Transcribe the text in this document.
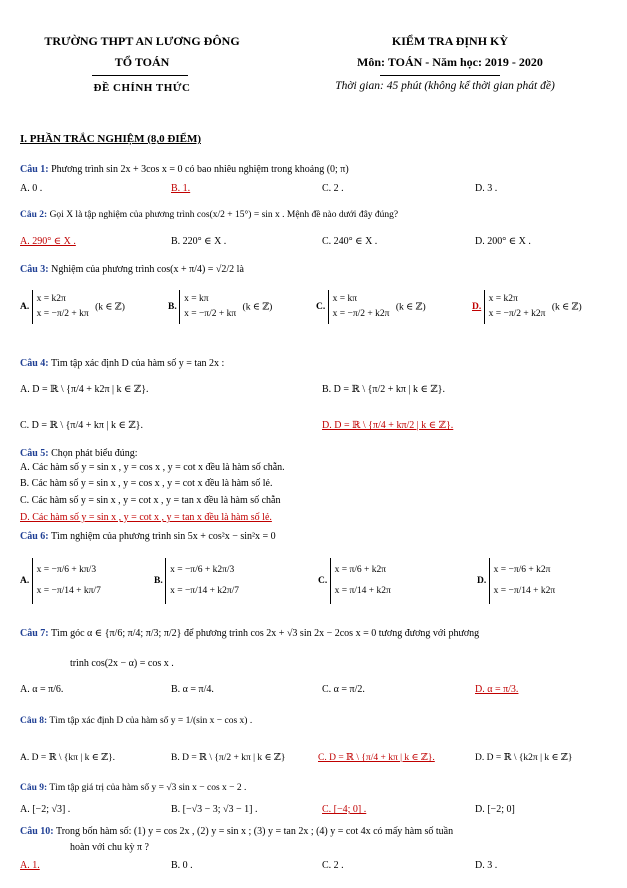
TRƯỜNG THPT AN LƯƠNG ĐÔNG
TỔ TOÁN
ĐỀ CHÍNH THỨC
KIỂM TRA ĐỊNH KỲ
Môn: TOÁN - Năm học: 2019 - 2020
Thời gian: 45 phút (không kể thời gian phát đề)
I. PHẦN TRẮC NGHIỆM (8,0 ĐIỂM)
Câu 1: Phương trình sin 2x + 3cos x = 0 có bao nhiêu nghiệm trong khoảng (0; π)
A. 0 .	B. 1.	C. 2 .	D. 3 .
Câu 2: Gọi X là tập nghiệm của phương trình cos(x/2 + 15°) = sin x . Mệnh đề nào dưới đây đúng?
A. 290° ∈ X .	B. 220° ∈ X .	C. 240° ∈ X .	D. 200° ∈ X .
Câu 3: Nghiệm của phương trình cos(x + π/4) = √2/2 là
A. x = k2π
x = −π/2 + kπ (k ∈ ℤ)	B. x = kπ
x = −π/2 + kπ (k ∈ ℤ)	C. x = kπ
x = −π/2 + k2π (k ∈ ℤ)	D. x = k2π
x = −π/2 + k2π (k ∈ ℤ)
Câu 4: Tìm tập xác định D của hàm số y = tan 2x :
A. D = ℝ \ {π/4 + k2π | k ∈ ℤ}.	B. D = ℝ \ {π/2 + kπ | k ∈ ℤ}.
C. D = ℝ \ {π/4 + kπ | k ∈ ℤ}.	D. D = ℝ \ {π/4 + kπ/2 | k ∈ ℤ}.
Câu 5: Chọn phát biểu đúng:
A. Các hàm số y = sin x , y = cos x , y = cot x đều là hàm số chẵn.
B. Các hàm số y = sin x , y = cos x , y = cot x đều là hàm số lẻ.
C. Các hàm số y = sin x , y = cot x , y = tan x đều là hàm số chẵn
D. Các hàm số y = sin x , y = cot x , y = tan x đều là hàm số lẻ.
Câu 6: Tìm nghiệm của phương trình sin 5x + cos²x − sin²x = 0
A. x = −π/6 + kπ/3
x = −π/14 + kπ/7
B. x = −π/6 + k2π/3
x = −π/14 + k2π/7
C. x = π/6 + k2π
x = π/14 + k2π
D. x = −π/6 + k2π
x = −π/14 + k2π
Câu 7: Tìm góc α ∈ {π/6; π/4; π/3; π/2} để phương trình cos 2x + √3 sin 2x − 2cos x = 0 tương đương với phương
trình cos(2x − α) = cos x .
A. α = π/6.	B. α = π/4.	C. α = π/2.	D. α = π/3.
Câu 8: Tìm tập xác định D của hàm số y = 1/(sin x − cos x) .
A. D = ℝ \ {kπ | k ∈ ℤ}.	B. D = ℝ \ {π/2 + kπ | k ∈ ℤ}	C. D = ℝ \ {π/4 + kπ | k ∈ ℤ}.	D. D = ℝ \ {k2π | k ∈ ℤ}
Câu 9: Tìm tập giá trị của hàm số y = √3 sin x − cos x − 2 .
A. [−2; √3] .	B. [−√3 − 3; √3 − 1] .	C. [−4; 0] .	D. [−2; 0]
Câu 10: Trong bốn hàm số: (1) y = cos 2x , (2) y = sin x ; (3) y = tan 2x ; (4) y = cot 4x có mấy hàm số tuần
hoàn với chu kỳ π ?
A. 1.	B. 0 .	C. 2 .	D. 3 .
